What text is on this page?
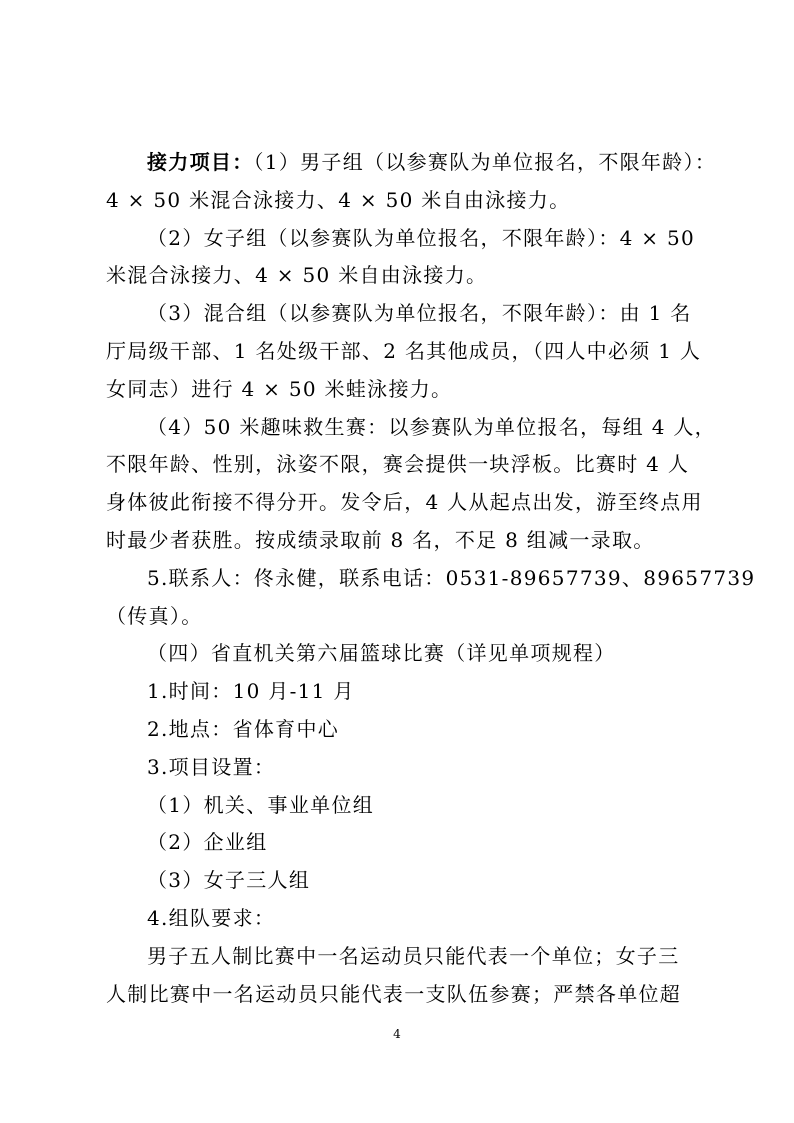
接力项目：（1）男子组（以参赛队为单位报名，不限年龄）：
4 × 50 米混合泳接力、4 × 50 米自由泳接力。
（2）女子组（以参赛队为单位报名，不限年龄）：4 × 50
米混合泳接力、4 × 50 米自由泳接力。
（3）混合组（以参赛队为单位报名，不限年龄）：由 1 名
厅局级干部、1 名处级干部、2 名其他成员，（四人中必须 1 人
女同志）进行 4 × 50 米蛙泳接力。
（4）50 米趣味救生赛：以参赛队为单位报名，每组 4 人，
不限年龄、性别，泳姿不限，赛会提供一块浮板。比赛时 4 人
身体彼此衔接不得分开。发令后，4 人从起点出发，游至终点用
时最少者获胜。按成绩录取前 8 名，不足 8 组减一录取。
5.联系人：佟永健，联系电话：0531-89657739、89657739
（传真）。
（四）省直机关第六届篮球比赛（详见单项规程）
1.时间：10 月-11 月
2.地点：省体育中心
3.项目设置：
（1）机关、事业单位组
（2）企业组
（3）女子三人组
4.组队要求：
男子五人制比赛中一名运动员只能代表一个单位；女子三
人制比赛中一名运动员只能代表一支队伍参赛；严禁各单位超
4
